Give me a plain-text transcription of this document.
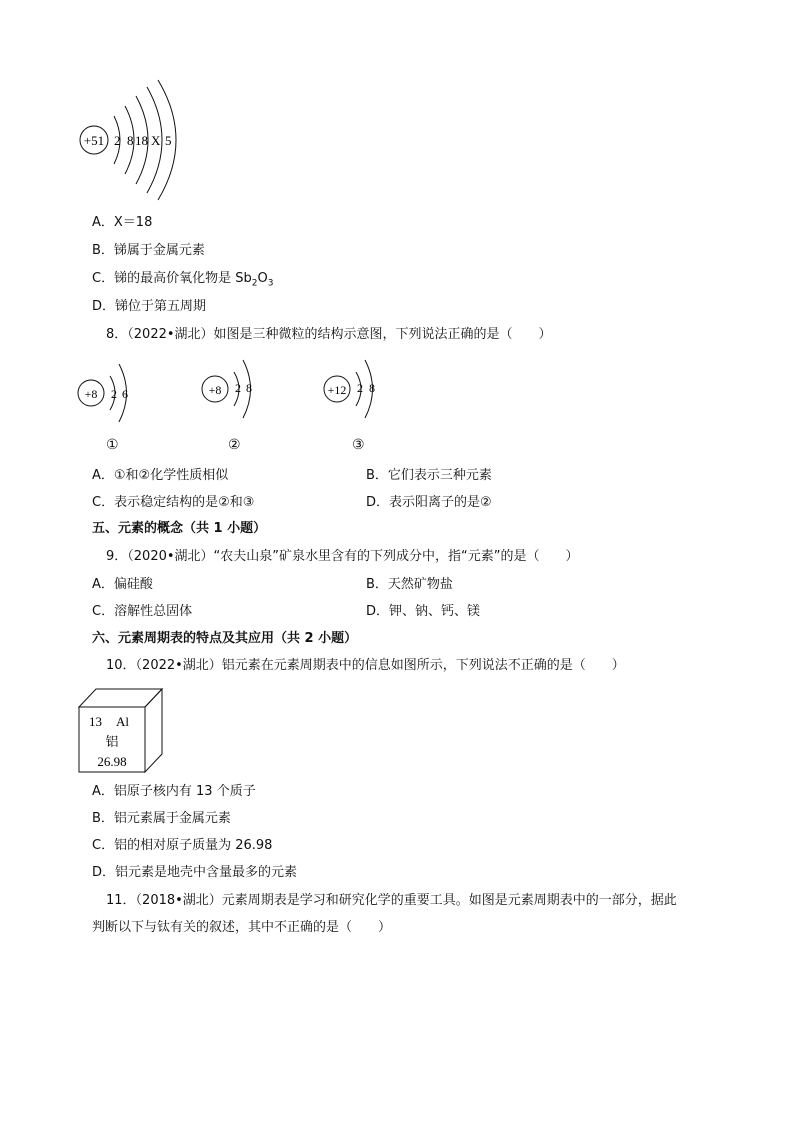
+51 2 8 18 X 5
A．X＝18
B．锑属于金属元素
C．锑的最高价氧化物是 $Sb_2O_3$
D．锑位于第五周期
8．（2022•湖北）如图是三种微粒的结构示意图，下列说法正确的是（　　）
+8 2 6
①
+8 2 8
②
+12 2 8
③
A．①和②化学性质相似	B．它们表示三种元素
C．表示稳定结构的是②和③	D．表示阳离子的是②
五、元素的概念（共 1 小题）
9．（2020•湖北）“农夫山泉”矿泉水里含有的下列成分中，指“元素”的是（　　）
A．偏硅酸	B．天然矿物盐
C．溶解性总固体	D．钾、钠、钙、镁
六、元素周期表的特点及其应用（共 2 小题）
10．（2022•湖北）铝元素在元素周期表中的信息如图所示，下列说法不正确的是（　　）
13 Al
铝
26.98
A．铝原子核内有 13 个质子
B．铝元素属于金属元素
C．铝的相对原子质量为 26.98
D．铝元素是地壳中含量最多的元素
11．（2018•湖北）元素周期表是学习和研究化学的重要工具。如图是元素周期表中的一部分，据此
判断以下与钛有关的叙述，其中不正确的是（　　）
